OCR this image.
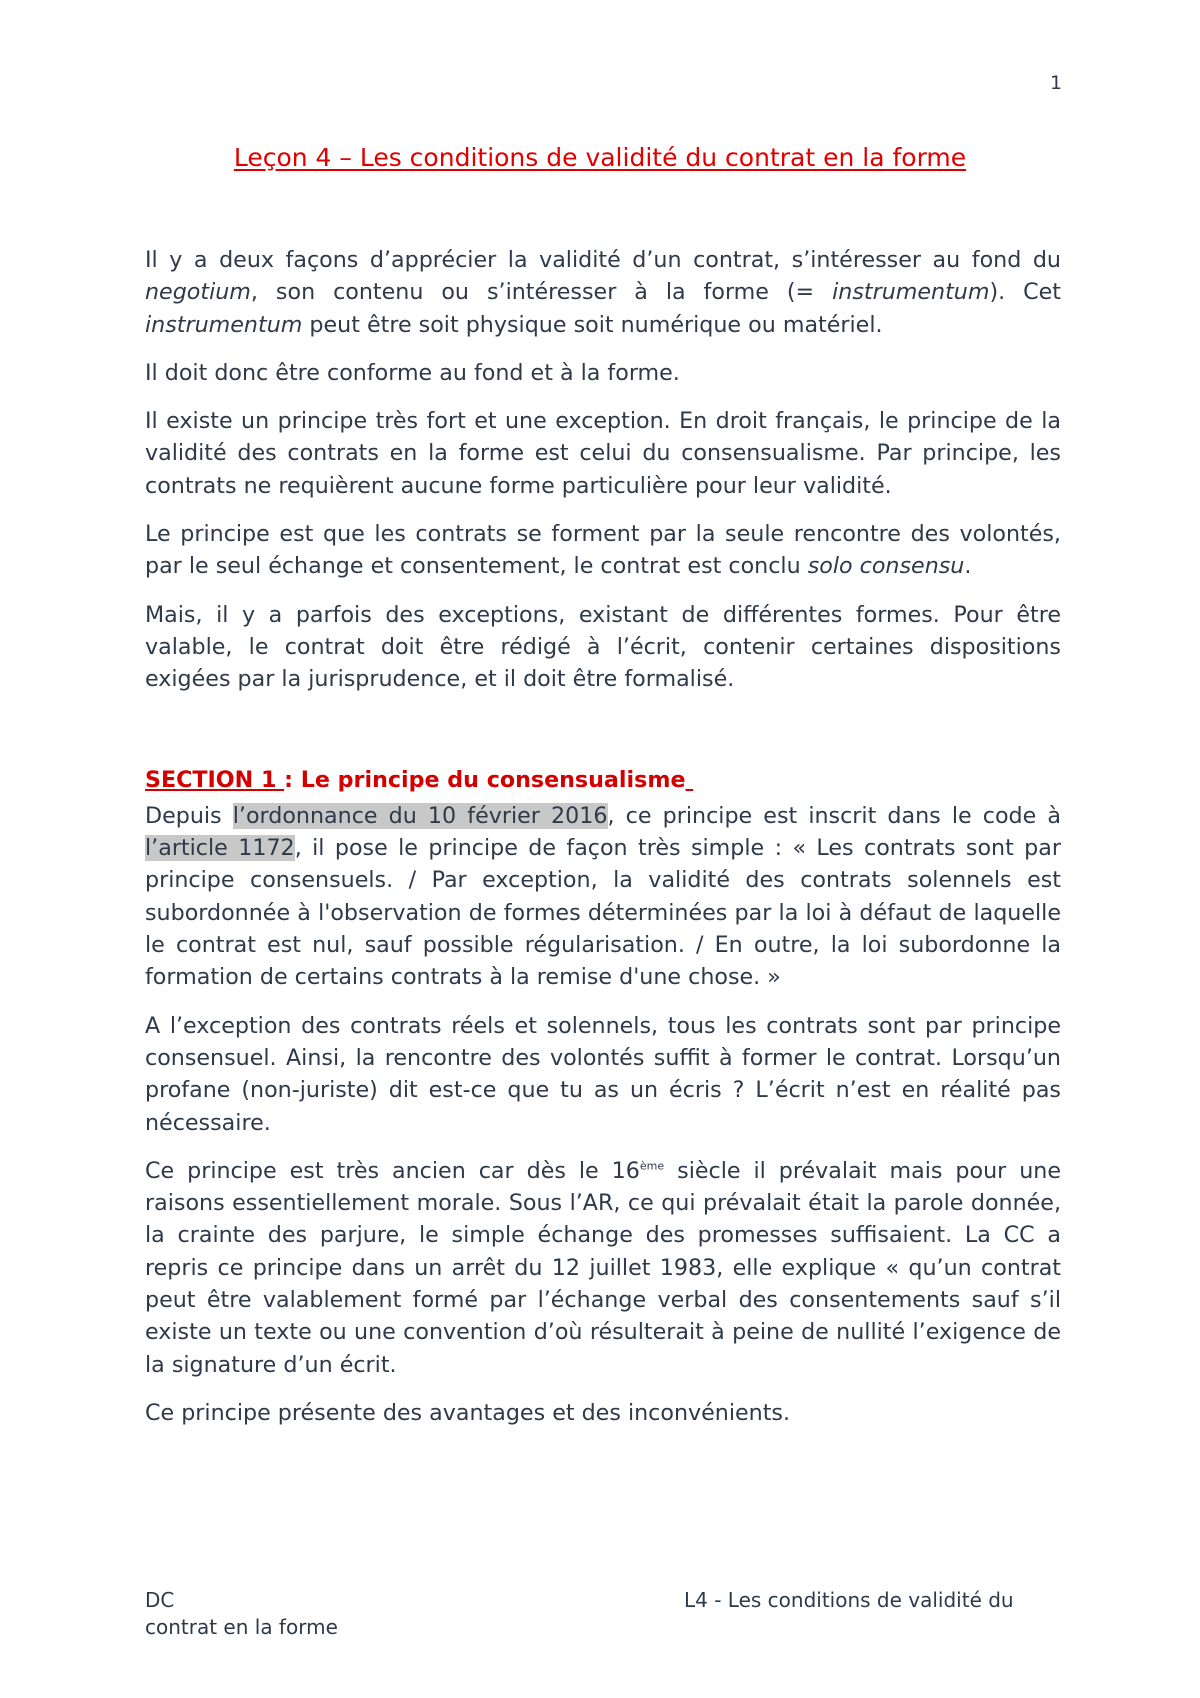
1
Leçon 4 – Les conditions de validité du contrat en la forme

Il y a deux façons d’apprécier la validité d’un contrat, s’intéresser au fond du negotium, son contenu ou s’intéresser à la forme (= instrumentum). Cet instrumentum peut être soit physique soit numérique ou matériel.

Il doit donc être conforme au fond et à la forme.

Il existe un principe très fort et une exception. En droit français, le principe de la validité des contrats en la forme est celui du consensualisme. Par principe, les contrats ne requièrent aucune forme particulière pour leur validité.

Le principe est que les contrats se forment par la seule rencontre des volontés, par le seul échange et consentement, le contrat est conclu solo consensu.

Mais, il y a parfois des exceptions, existant de différentes formes. Pour être valable, le contrat doit être rédigé à l’écrit, contenir certaines dispositions exigées par la jurisprudence, et il doit être formalisé.

SECTION 1 : Le principe du consensualisme

Depuis l’ordonnance du 10 février 2016, ce principe est inscrit dans le code à l’article 1172, il pose le principe de façon très simple : « Les contrats sont par principe consensuels. / Par exception, la validité des contrats solennels est subordonnée à l'observation de formes déterminées par la loi à défaut de laquelle le contrat est nul, sauf possible régularisation. / En outre, la loi subordonne la formation de certains contrats à la remise d'une chose. »

A l’exception des contrats réels et solennels, tous les contrats sont par principe consensuel. Ainsi, la rencontre des volontés suffit à former le contrat. Lorsqu’un profane (non-juriste) dit est-ce que tu as un écris ? L’écrit n’est en réalité pas nécessaire.

Ce principe est très ancien car dès le 16ème siècle il prévalait mais pour une raisons essentiellement morale. Sous l’AR, ce qui prévalait était la parole donnée, la crainte des parjure, le simple échange des promesses suffisaient. La CC a repris ce principe dans un arrêt du 12 juillet 1983, elle explique « qu’un contrat peut être valablement formé par l’échange verbal des consentements sauf s’il existe un texte ou une convention d’où résulterait à peine de nullité l’exigence de la signature d’un écrit.

Ce principe présente des avantages et des inconvénients.

DC
contrat en la forme
L4 - Les conditions de validité du
